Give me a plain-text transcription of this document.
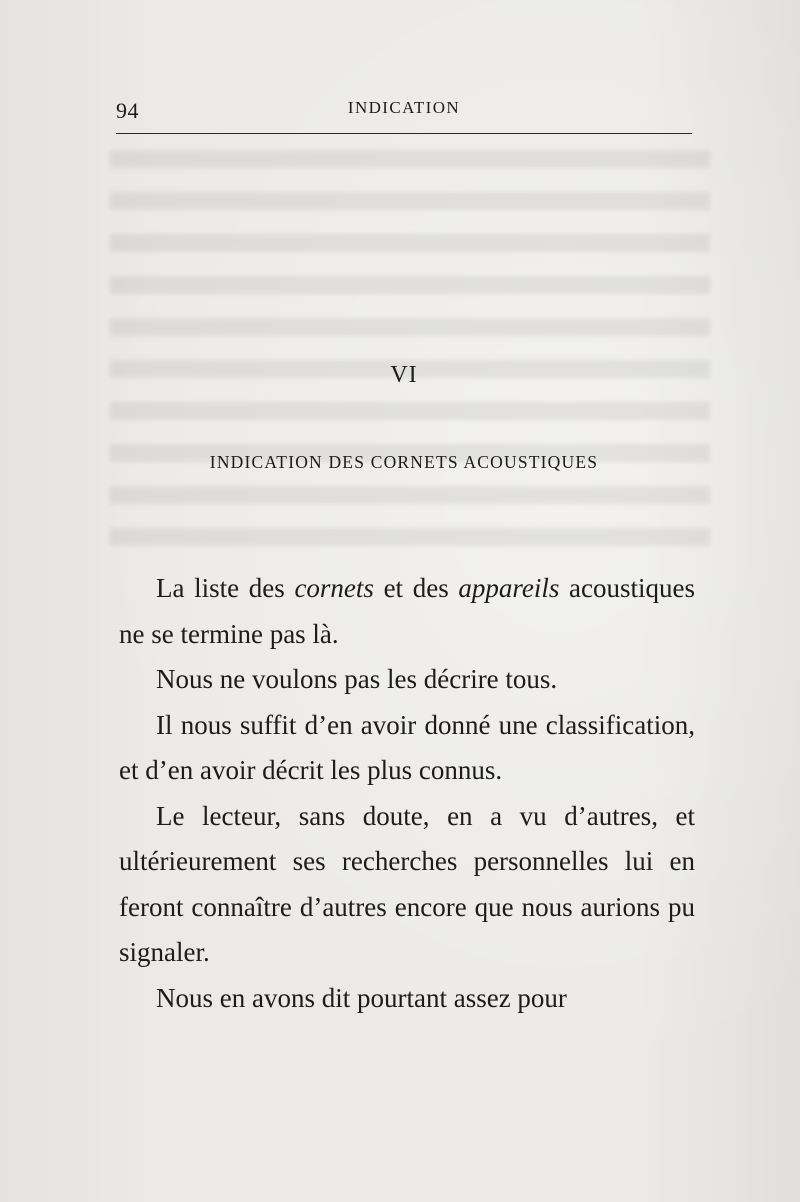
94	INDICATION
VI
INDICATION DES CORNETS ACOUSTIQUES

La liste des cornets et des appareils acoustiques ne se termine pas là.

Nous ne voulons pas les décrire tous.

Il nous suffit d’en avoir donné une classification, et d’en avoir décrit les plus connus.

Le lecteur, sans doute, en a vu d’autres, et ultérieurement ses recherches personnelles lui en feront connaître d’autres encore que nous aurions pu signaler.

Nous en avons dit pourtant assez pour
